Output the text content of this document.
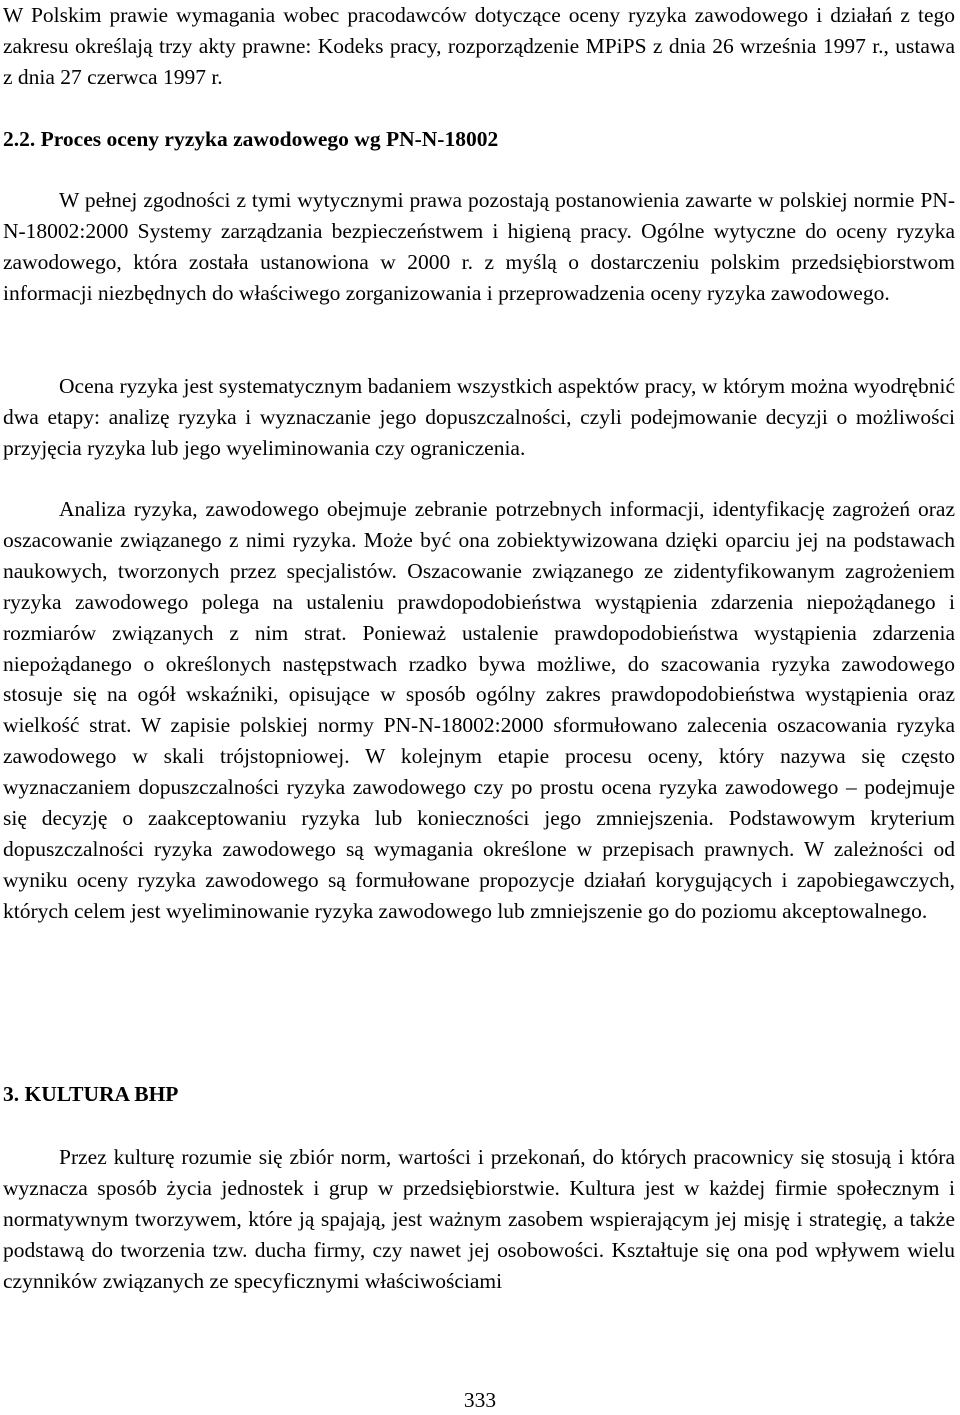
W Polskim prawie wymagania wobec pracodawców dotyczące oceny ryzyka zawodowego i działań z tego zakresu określają trzy akty prawne: Kodeks pracy, rozporządzenie MPiPS z dnia 26 września 1997 r., ustawa z dnia 27 czerwca 1997 r.

2.2. Proces oceny ryzyka zawodowego wg PN-N-18002

W pełnej zgodności z tymi wytycznymi prawa pozostają postanowienia zawarte w polskiej normie PN-N-18002:2000 Systemy zarządzania bezpieczeństwem i higieną pracy. Ogólne wytyczne do oceny ryzyka zawodowego, która została ustanowiona w 2000 r. z myślą o dostarczeniu polskim przedsiębiorstwom informacji niezbędnych do właściwego zorganizowania i przeprowadzenia oceny ryzyka zawodowego.

Ocena ryzyka jest systematycznym badaniem wszystkich aspektów pracy, w którym można wyodrębnić dwa etapy: analizę ryzyka i wyznaczanie jego dopuszczalności, czyli podejmowanie decyzji o możliwości przyjęcia ryzyka lub jego wyeliminowania czy ograniczenia.

Analiza ryzyka, zawodowego obejmuje zebranie potrzebnych informacji, identyfikację zagrożeń oraz oszacowanie związanego z nimi ryzyka. Może być ona zobiektywizowana dzięki oparciu jej na podstawach naukowych, tworzonych przez specjalistów. Oszacowanie związanego ze zidentyfikowanym zagrożeniem ryzyka zawodowego polega na ustaleniu prawdopodobieństwa wystąpienia zdarzenia niepożądanego i rozmiarów związanych z nim strat. Ponieważ ustalenie prawdopodobieństwa wystąpienia zdarzenia niepożądanego o określonych następstwach rzadko bywa możliwe, do szacowania ryzyka zawodowego stosuje się na ogół wskaźniki, opisujące w sposób ogólny zakres prawdopodobieństwa wystąpienia oraz wielkość strat. W zapisie polskiej normy PN-N-18002:2000 sformułowano zalecenia oszacowania ryzyka zawodowego w skali trójstopniowej. W kolejnym etapie procesu oceny, który nazywa się często wyznaczaniem dopuszczalności ryzyka zawodowego czy po prostu ocena ryzyka zawodowego – podejmuje się decyzję o zaakceptowaniu ryzyka lub konieczności jego zmniejszenia. Podstawowym kryterium dopuszczalności ryzyka zawodowego są wymagania określone w przepisach prawnych. W zależności od wyniku oceny ryzyka zawodowego są formułowane propozycje działań korygujących i zapobiegawczych, których celem jest wyeliminowanie ryzyka zawodowego lub zmniejszenie go do poziomu akceptowalnego.

3. KULTURA BHP

Przez kulturę rozumie się zbiór norm, wartości i przekonań, do których pracownicy się stosują i która wyznacza sposób życia jednostek i grup w przedsiębiorstwie. Kultura jest w każdej firmie społecznym i normatywnym tworzywem, które ją spajają, jest ważnym zasobem wspierającym jej misję i strategię, a także podstawą do tworzenia tzw. ducha firmy, czy nawet jej osobowości. Kształtuje się ona pod wpływem wielu czynników związanych ze specyficznymi właściwościami

333
